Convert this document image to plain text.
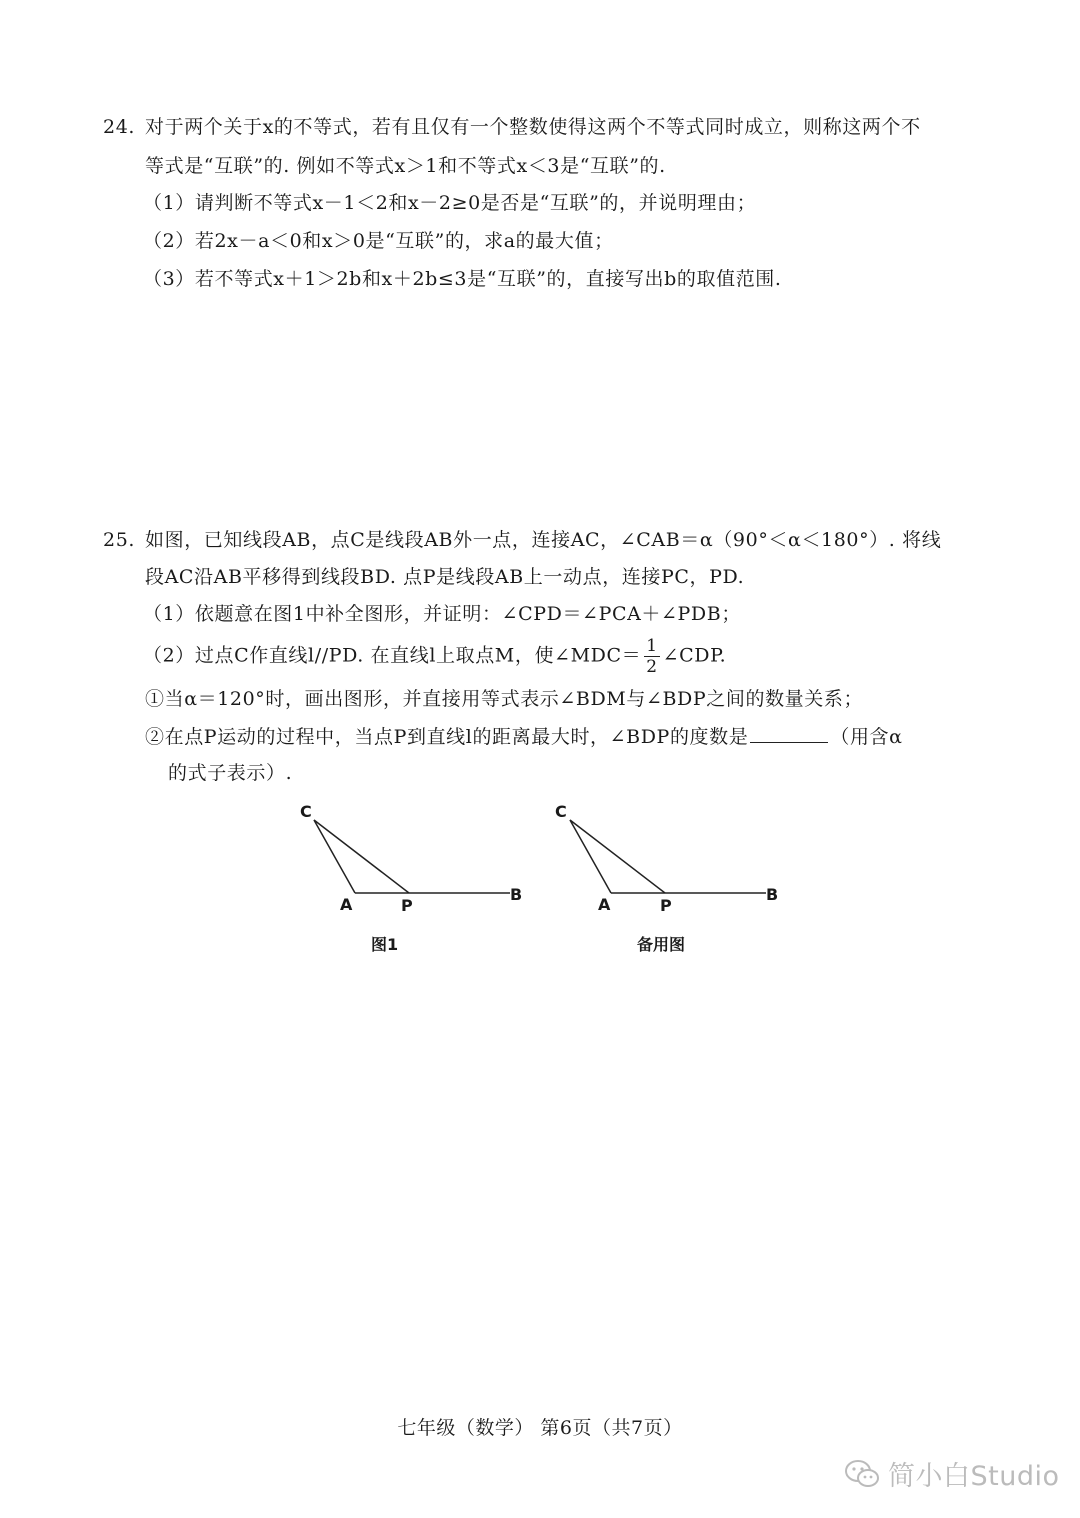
24. 对于两个关于x的不等式，若有且仅有一个整数使得这两个不等式同时成立，则称这两个不
等式是“互联”的. 例如不等式x＞1和不等式x＜3是“互联”的.
（1）请判断不等式x－1＜2和x－2≥0是否是“互联”的，并说明理由；
（2）若2x－a＜0和x＞0是“互联”的，求a的最大值；
（3）若不等式x＋1＞2b和x＋2b≤3是“互联”的，直接写出b的取值范围.
25. 如图，已知线段AB，点C是线段AB外一点，连接AC，∠CAB＝α（90°＜α＜180°）. 将线
段AC沿AB平移得到线段BD. 点P是线段AB上一动点，连接PC，PD.
（1）依题意在图1中补全图形，并证明：∠CPD＝∠PCA＋∠PDB；
（2）过点C作直线l//PD. 在直线l上取点M，使∠MDC＝ $\frac{1}{2}$ ∠CDP.
①当α＝120°时，画出图形，并直接用等式表示∠BDM与∠BDP之间的数量关系；
②在点P运动的过程中，当点P到直线l的距离最大时，∠BDP的度数是	（用含α
的式子表示）.
C
A	P
B
图1
C
A	P
B
备用图
七年级（数学） 第6页（共7页）
简小白Studio
